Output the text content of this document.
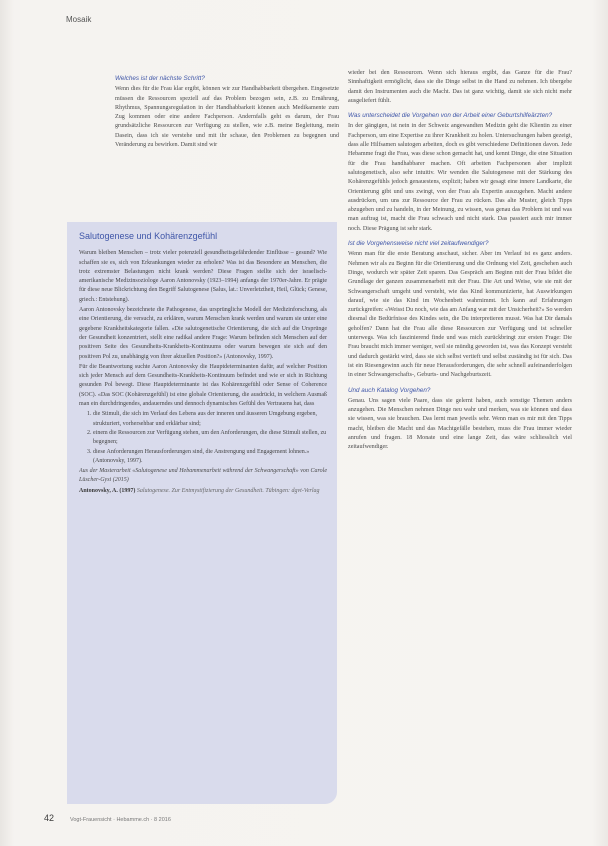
Mosaik
Welches ist der nächste Schritt?

Wenn dies für die Frau klar ergibt, können wir zur Handhabbarkeit übergehen. Eingesetzte müssen die Ressourcen speziell auf das Problem bezogen sein, z.B. zu Ernährung, Rhythmus, Spannungsregulation in der Handhabbarkeit können auch Medikamente zum Zug kommen oder eine andere Fachperson. Andernfalls geht es darum, der Frau grundsätzliche Ressourcen zur Verfügung zu stellen, wie z.B. meine Begleitung, mein Dasein, dass ich sie verstehe und mit ihr schaue, den Problemen zu begegnen und Veränderung zu bewirken. Damit sind wir

Salutogenese und Kohärenzgefühl

Warum bleiben Menschen – trotz vieler potenziell gesundheitsgefährdender Einflüsse – gesund? Wie schaffen sie es, sich von Erkrankungen wieder zu erholen? Was ist das Besondere an Menschen, die trotz extremster Belastungen nicht krank werden? Diese Fragen stellte sich der israelisch-amerikanische Medizinsoziologe Aaron Antonovsky (1923–1994) anfangs der 1970er-Jahre. Er prägte für diese neue Blickrichtung den Begriff Salutogenese (Salus, lat.: Unverletztheit, Heil, Glück; Genese, griech.: Entstehung).

Aaron Antonovsky bezeichnete die Pathogenese, das ursprüngliche Modell der Medizinforschung, als eine Orientierung, die versucht, zu erklären, warum Menschen krank werden und warum sie unter eine gegebene Krankheitskategorie fallen. «Die salutogenetische Orientierung, die sich auf die Ursprünge der Gesundheit konzentriert, stellt eine radikal andere Frage: Warum befinden sich Menschen auf der positiven Seite des Gesundheits-Krankheits-Kontinuums oder warum bewegen sie sich auf den positiven Pol zu, unabhängig von ihrer aktuellen Position?» (Antonovsky, 1997).

Für die Beantwortung suchte Aaron Antonovsky die Hauptdeterminanten dafür, auf welcher Position sich jeder Mensch auf dem Gesundheits-Krankheits-Kontinuum befindet und wie er sich in Richtung gesunden Pol bewegt. Diese Hauptdeterminante ist das Kohärenzgefühl oder Sense of Coherence (SOC). «Das SOC (Kohärenzgefühl) ist eine globale Orientierung, die ausdrückt, in welchem Ausmaß man ein durchdringendes, andauerndes und dennoch dynamisches Gefühl des Vertrauens hat, dass

1. die Stimuli, die sich im Verlauf des Lebens aus der inneren und äusseren Umgebung ergeben, strukturiert, vorhersehbar und erklärbar sind;
2. einem die Ressourcen zur Verfügung stehen, um den Anforderungen, die diese Stimuli stellen, zu begegnen;
3. diese Anforderungen Herausforderungen sind, die Anstrengung und Engagement lohnen.» (Antonovsky, 1997).

Aus der Masterarbeit «Salutogenese und Hebammenarbeit während der Schwangerschaft» von Carole Lüscher-Gysi (2015)

Antonovsky, A. (1997) Salutogenese. Zur Entmystifizierung der Gesundheit. Tübingen: dgvt-Verlag

wieder bei den Ressourcen. Wenn sich hieraus ergibt, das Ganze für die Frau? Sinnhaftigkeit ermöglicht, dass sie die Dinge selbst in die Hand zu nehmen. Ich übergebe damit den Instrumenten auch die Macht. Das ist ganz wichtig, damit sie sich nicht mehr ausgeliefert fühlt.

Was unterscheidet die Vorgehen von der Arbeit einer Geburtshilfeärzten?

In der gängigen, ist nein in der Schweiz angewandten Medizin geht die Klientin zu einer Fachperson, um eine Expertise zu ihrer Krankheit zu holen. Untersuchungen haben gezeigt, dass alle Hilfsamen salutogen arbeiten, doch es gibt verschiedene Definitionen davon. Jede Hebamme fragt die Frau, was diese schon gemacht hat, und kennt Dinge, die eine Situation für die Frau handhabbarer machen. Oft arbeiten Fachpersonen aber implizit salutogenetisch, also sehr intuitiv. Wir wenden die Salutogenese mit der Stärkung des Kohärenzgefühls jedoch genauestens, explizit; haben wir gesagt eine innere Landkarte, die Orientierung gibt und uns zwingt, von der Frau als Expertin auszugehen. Macht andere ausdrücken, um uns zur Ressource der Frau zu rücken. Das alte Muster, gleich Tipps abzugeben und zu handeln, in der Meinung, zu wissen, was genau das Problem ist und was man auftrag ist, macht die Frau schwach und nicht stark. Das passiert auch mir immer noch. Diese Prägung ist sehr stark.

Ist die Vorgehensweise nicht viel zeitaufwendiger?

Wenn man für die erste Beratung anschaut, sicher. Aber im Verlauf ist es ganz anders. Nehmen wir als zu Beginn für die Orientierung und die Ordnung viel Zeit, geschehen auch Dinge, wodurch wir später Zeit sparen. Das Gespräch am Beginn mit der Frau bildet die Grundlage der ganzen zusammenarbeit mit der Frau. Die Art und Weise, wie sie mit der Schwangerschaft umgeht und versteht, wie das Kind kommunizierte, hat Auswirkungen darauf, wie sie das Kind im Wochenbett wahrnimmt. Ich kann auf Erfahrungen zurückgreifen: «Weisst Du noch, wie das am Anfang war mit der Unsicherheit?» So werden diesmal die Bedürfnisse des Kindes sein, die Du interpretieren musst. Was hat Dir damals geholfen? Dann hat die Frau alle diese Ressourcen zur Verfügung und ist schneller unterwegs. Was ich faszinierend finde und was mich zurückbringt zur ersten Frage: Die Frau braucht mich immer weniger, weil sie mündig geworden ist, was das Konzept versteht und dadurch gestärkt wird, dass sie sich selbst vertieft und selbst zuständig ist für sich. Das ist ein Riesengewinn auch für neue Herausforderungen, die sehr schnell aufeinanderfolgen in einer Schwangerschafts-, Geburts- und Nachgeburtszeit.

Und auch Katalog Vorgehen?

Genau. Uns sagen viele Paare, dass sie gelernt haben, auch sonstige Themen anders anzugehen. Die Menschen nehmen Dinge neu wahr und merken, was sie können und dass sie wissen, was sie brauchen. Das lernt man jeweils sehr. Wenn man es mir mit den Tipps macht, bleiben die Macht und das Machtgefälle bestehen, muss die Frau immer wieder anrufen und fragen. 18 Monate und eine lange Zeit, das wäre schliesslich viel zeitaufwendiger.

42	Vogt-Frauensicht · Hebamme.ch · 8 2016
